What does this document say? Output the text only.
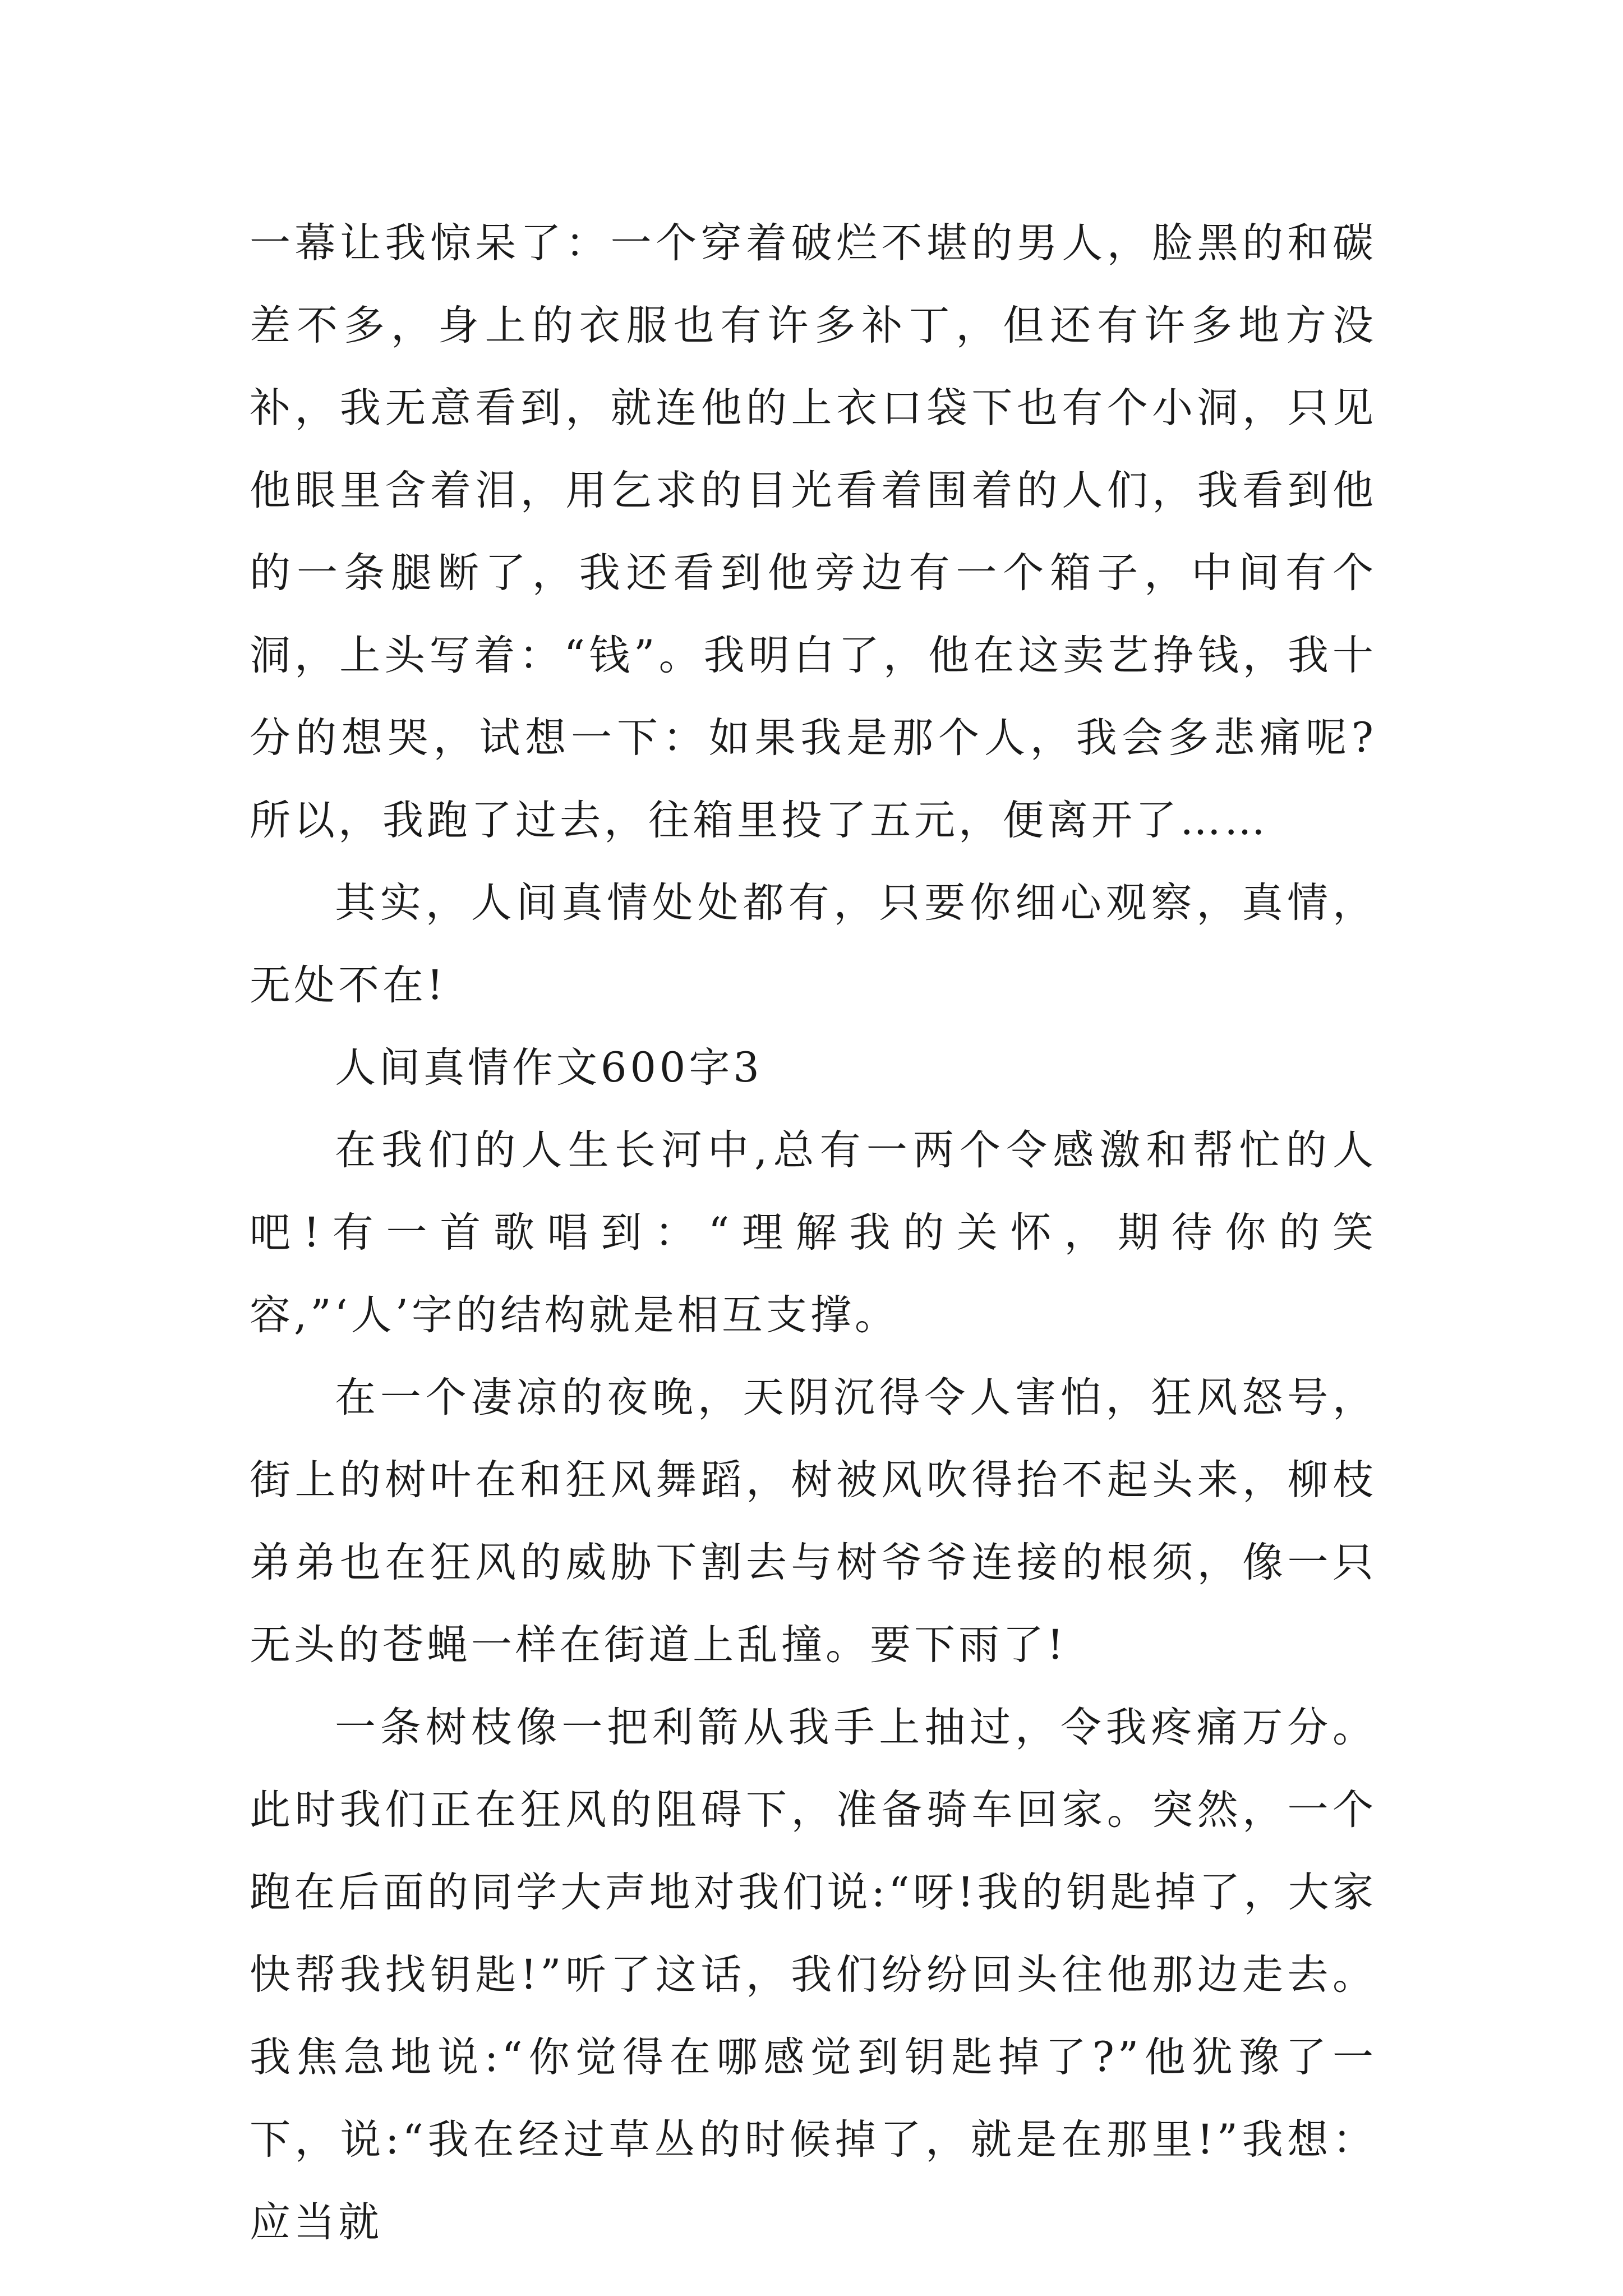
一幕让我惊呆了：一个穿着破烂不堪的男人，脸黑的和碳差不多，身上的衣服也有许多补丁，但还有许多地方没补，我无意看到，就连他的上衣口袋下也有个小洞，只见他眼里含着泪，用乞求的目光看着围着的人们，我看到他的一条腿断了，我还看到他旁边有一个箱子，中间有个洞，上头写着：“钱”。我明白了，他在这卖艺挣钱，我十分的想哭，试想一下：如果我是那个人，我会多悲痛呢?所以，我跑了过去，往箱里投了五元，便离开了……

其实，人间真情处处都有，只要你细心观察，真情，无处不在!

人间真情作文600字3

在我们的人生长河中,总有一两个令感激和帮忙的人吧!有一首歌唱到：“理解我的关怀，期待你的笑容,”‘人’字的结构就是相互支撑。

在一个凄凉的夜晚，天阴沉得令人害怕，狂风怒号，街上的树叶在和狂风舞蹈，树被风吹得抬不起头来，柳枝弟弟也在狂风的威胁下割去与树爷爷连接的根须，像一只无头的苍蝇一样在街道上乱撞。要下雨了!

一条树枝像一把利箭从我手上抽过，令我疼痛万分。此时我们正在狂风的阻碍下，准备骑车回家。突然，一个跑在后面的同学大声地对我们说:“呀!我的钥匙掉了，大家快帮我找钥匙!”听了这话，我们纷纷回头往他那边走去。我焦急地说:“你觉得在哪感觉到钥匙掉了?”他犹豫了一下，说:“我在经过草丛的时候掉了，就是在那里!”我想：应当就
